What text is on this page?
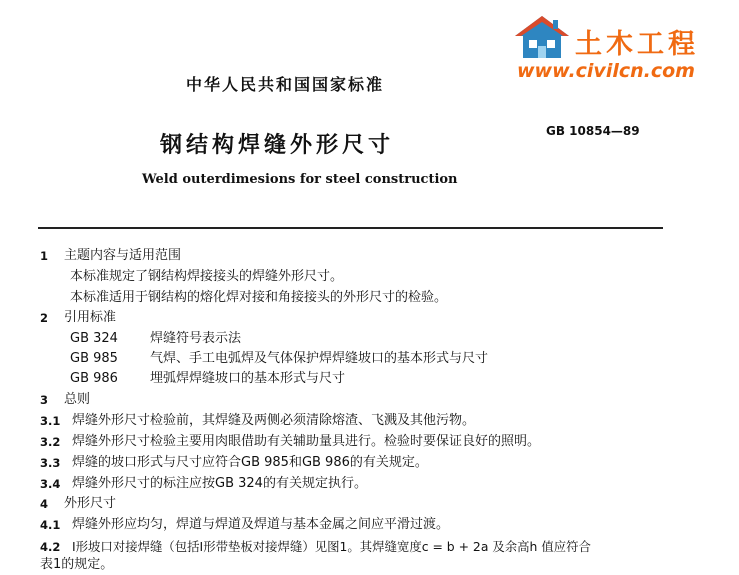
土木工程
www.civilcn.com
中华人民共和国国家标准
钢结构焊缝外形尺寸
GB 10854—89
Weld outerdimesions for steel construction
1 主题内容与适用范围
本标准规定了钢结构焊接接头的焊缝外形尺寸。
本标准适用于钢结构的熔化焊对接和角接接头的外形尺寸的检验。
2 引用标准
GB 324 焊缝符号表示法
GB 985 气焊、手工电弧焊及气体保护焊焊缝坡口的基本形式与尺寸
GB 986 埋弧焊焊缝坡口的基本形式与尺寸
3 总则
3.1 焊缝外形尺寸检验前，其焊缝及两侧必须清除熔渣、飞溅及其他污物。
3.2 焊缝外形尺寸检验主要用肉眼借助有关辅助量具进行。检验时要保证良好的照明。
3.3 焊缝的坡口形式与尺寸应符合GB 985和GB 986的有关规定。
3.4 焊缝外形尺寸的标注应按GB 324的有关规定执行。
4 外形尺寸
4.1 焊缝外形应均匀，焊道与焊道及焊道与基本金属之间应平滑过渡。
4.2 Ⅰ形坡口对接焊缝（包括Ⅰ形带垫板对接焊缝）见图1。其焊缝宽度c = b + 2a 及余高h 值应符合
表1的规定。
